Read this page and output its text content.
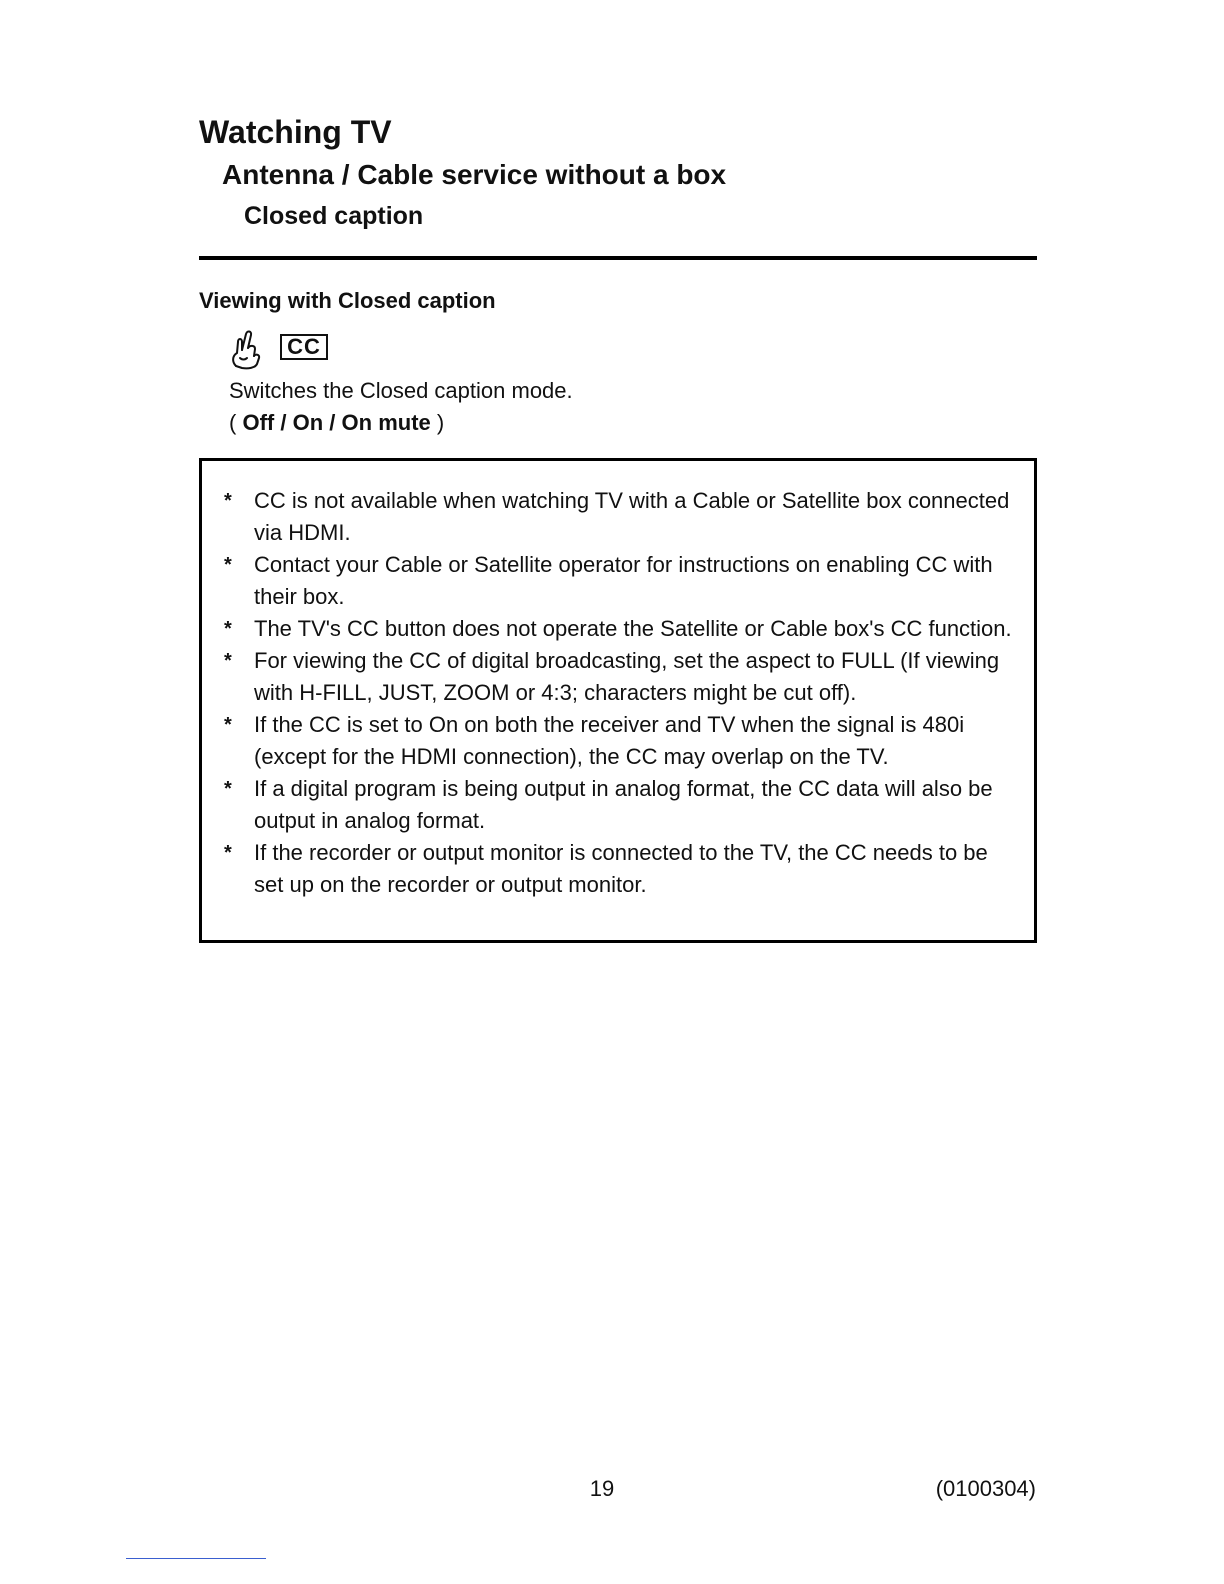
Watching TV
Antenna / Cable service without a box
Closed caption
Viewing with Closed caption
CC

Switches the Closed caption mode.

( Off / On / On mute )

* CC is not available when watching TV with a Cable or Satellite box connected via HDMI.
* Contact your Cable or Satellite operator for instructions on enabling CC with their box.
* The TV's CC button does not operate the Satellite or Cable box's CC function.
* For viewing the CC of digital broadcasting, set the aspect to FULL (If viewing with H-FILL, JUST, ZOOM or 4:3; characters might be cut off).
* If the CC is set to On on both the receiver and TV when the signal is 480i (except for the HDMI connection), the CC may overlap on the TV.
* If a digital program is being output in analog format, the CC data will also be output in analog format.
* If the recorder or output monitor is connected to the TV, the CC needs to be set up on the recorder or output monitor.
19	(0100304)
